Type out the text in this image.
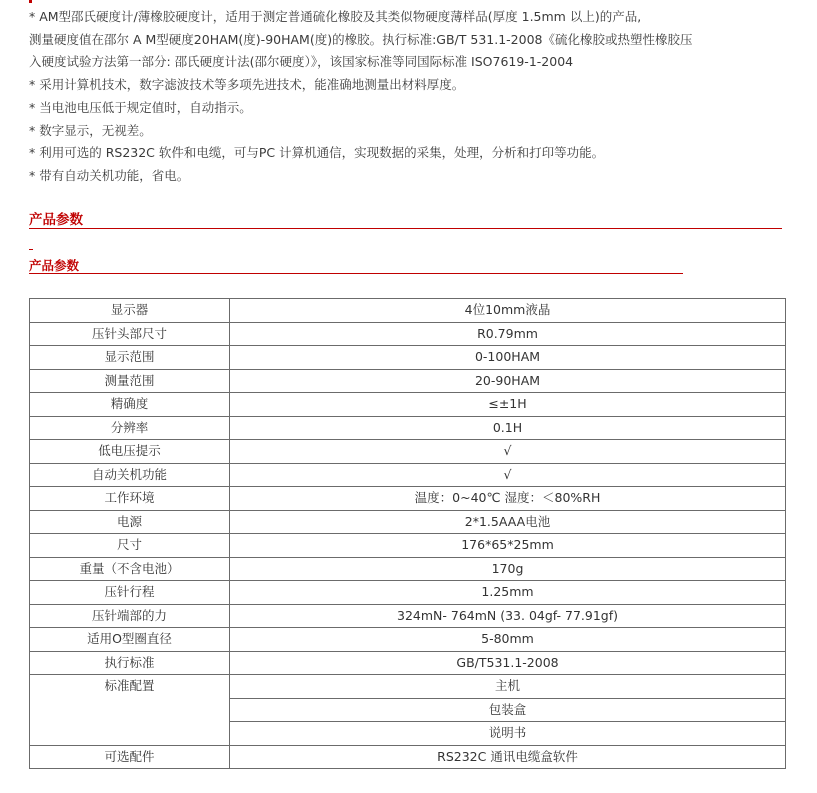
* AM型邵氏硬度计/薄橡胶硬度计，适用于测定普通硫化橡胶及其类似物硬度薄样品(厚度 1.5mm 以上)的产品,
测量硬度值在邵尔 A M型硬度20HAM(度)-90HAM(度)的橡胶。执行标准:GB/T 531.1-2008《硫化橡胶或热塑性橡胶压
入硬度试验方法第一部分: 邵氏硬度计法(邵尔硬度）》，该国家标准等同国际标准 ISO7619-1-2004
* 采用计算机技术，数字滤波技术等多项先进技术，能准确地测量出材料厚度。
* 当电池电压低于规定值时，自动指示。
* 数字显示，无视差。
* 利用可选的 RS232C 软件和电缆，可与PC 计算机通信，实现数据的采集，处理，分析和打印等功能。
* 带有自动关机功能，省电。
产品参数
产品参数
显示器	4位10mm液晶
压针头部尺寸	R0.79mm
显示范围	0-100HAM
测量范围	20-90HAM
精确度	≤±1H
分辨率	0.1H
低电压提示	√
自动关机功能	√
工作环境	温度：0~40℃ 湿度：＜80%RH
电源	2*1.5AAA电池
尺寸	176*65*25mm
重量（不含电池）	170g
压针行程	1.25mm
压针端部的力	324mN- 764mN (33. 04gf- 77.91gf)
适用O型圈直径	5-80mm
执行标准	GB/T531.1-2008
标准配置	主机
	包装盒
	说明书
可选配件	RS232C 通讯电缆盒软件
